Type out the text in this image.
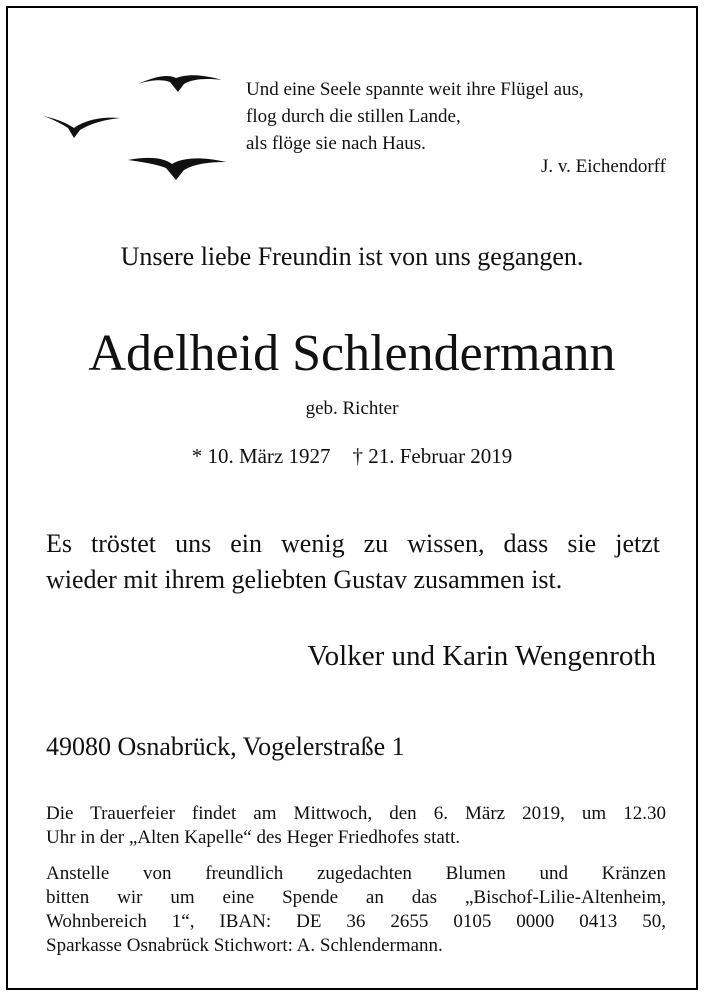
Und eine Seele spannte weit ihre Flügel aus,
flog durch die stillen Lande,
als flöge sie nach Haus.
J. v. Eichendorff
Unsere liebe Freundin ist von uns gegangen.
Adelheid Schlendermann
geb. Richter
* 10. März 1927 † 21. Februar 2019
Es tröstet uns ein wenig zu wissen, dass sie jetzt
wieder mit ihrem geliebten Gustav zusammen ist.
Volker und Karin Wengenroth
49080 Osnabrück, Vogelerstraße 1
Die Trauerfeier findet am Mittwoch, den 6. März 2019, um 12.30
Uhr in der „Alten Kapelle“ des Heger Friedhofes statt.
Anstelle von freundlich zugedachten Blumen und Kränzen
bitten wir um eine Spende an das „Bischof-Lilie-Altenheim,
Wohnbereich 1“, IBAN: DE 36 2655 0105 0000 0413 50,
Sparkasse Osnabrück Stichwort: A. Schlendermann.
